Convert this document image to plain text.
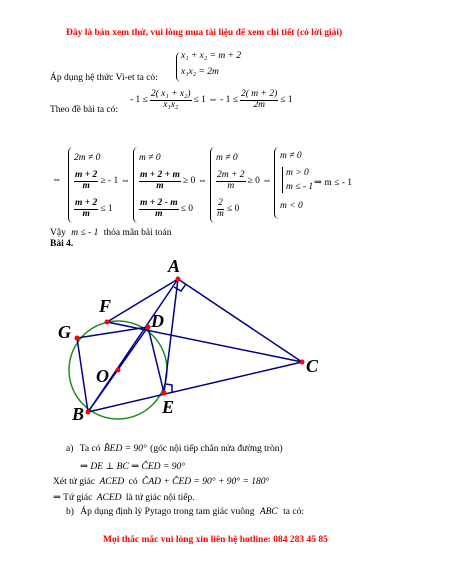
Đây là bản xem thử, vui lòng mua tài liệu để xem chi tiết (có lời giải)
Áp dụng hệ thức Vi-et ta có:
x₁ + x₂ = m + 2
x₁x₂ = 2m
Theo đề bài ta có:
- $1 \le \frac{\text{2( x₁ + x₂)}}{\text{x₁x₂}} \le 1$ ⇔ - $1 \le \frac{2( m + 2)}{2m} \le 1$
⇔
2m ≠ 0
$\frac{m + 2}{m}$ ≥ - 1 ⇔
$\frac{m + 2}{m} \le 1$
m ≠ 0
$\frac{m + 2 + m}{m} \ge 0$ ⇔
$\frac{m + 2 - m}{m} \le 0$
m ≠ 0
$\frac{2m + 2}{m} \ge 0$ ⇔
$\frac{2}{m} \le 0$
m ≠ 0
m > 0
m ≤ - 1
m < 0
⇒ m ≤ - 1
Vậy m ≤ - 1 thỏa mãn bài toán
Bài 4.
A
B
C
D
E
F
G
O
a) Ta có B̂ED = 90° (góc nội tiếp chắn nửa đường tròn)
⇒ DE ⊥ BC ⇒ ĈED = 90°
Xét tứ giác ACED có ĈAD + ĈED = 90° + 90° = 180°
⇒ Tứ giác ACED là tứ giác nội tiếp.
b) Áp dụng định lý Pytago trong tam giác vuông ABC ta có:
Mọi thắc mắc vui lòng xin liên hệ hotline: 084 283 45 85
